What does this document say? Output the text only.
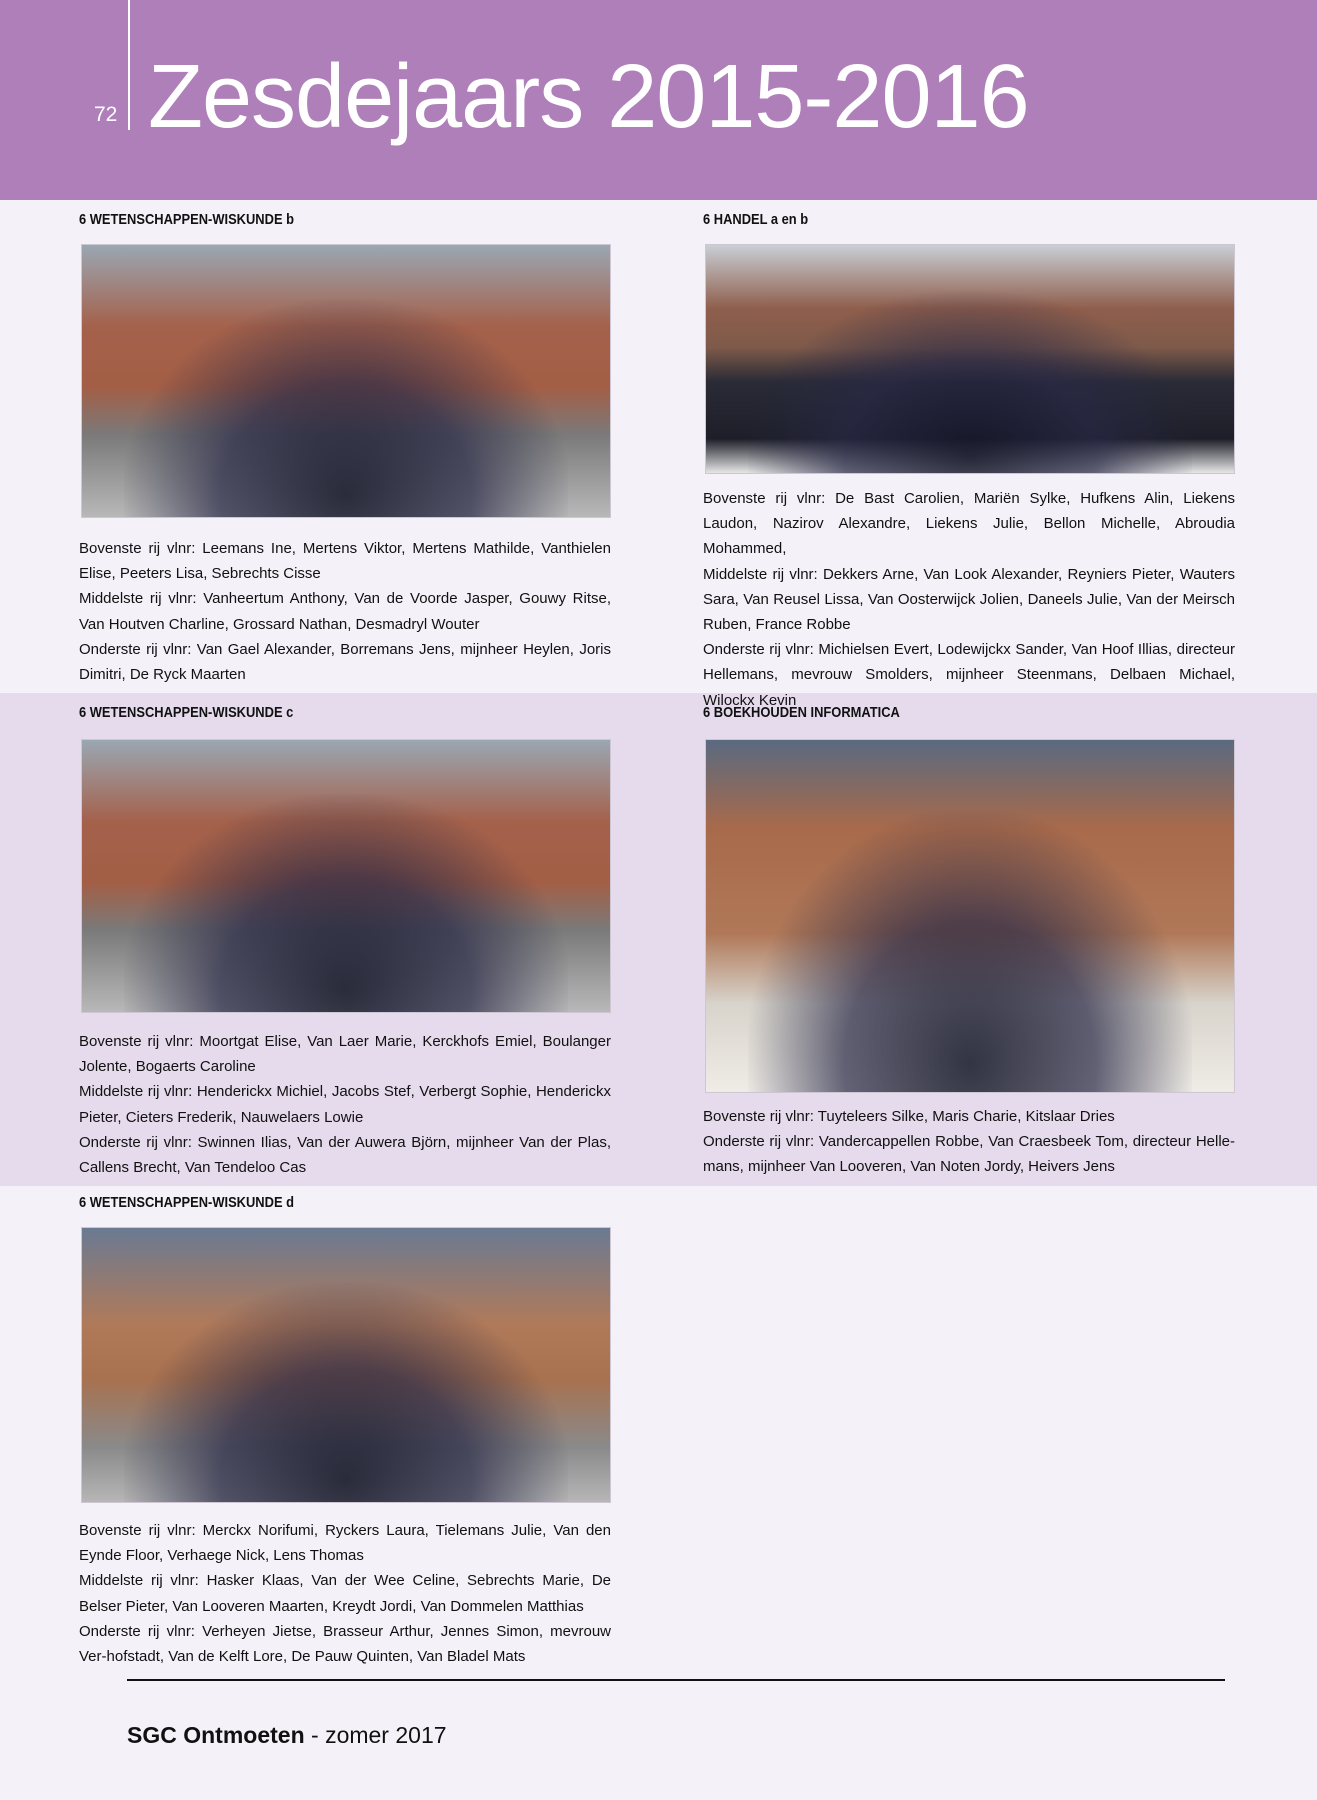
72 Zesdejaars 2015-2016
6 WETENSCHAPPEN-WISKUNDE b

Bovenste rij vlnr: Leemans Ine, Mertens Viktor, Mertens Mathilde, Vanthielen Elise, Peeters Lisa, Sebrechts Cisse

Middelste rij vlnr: Vanheertum Anthony, Van de Voorde Jasper, Gouwy Ritse, Van Houtven Charline, Grossard Nathan, Desmadryl Wouter

Onderste rij vlnr: Van Gael Alexander, Borremans Jens, mijnheer Heylen, Joris Dimitri, De Ryck Maarten

6 HANDEL a en b

Bovenste rij vlnr: De Bast Carolien, Mariën Sylke, Hufkens Alin, Liekens Laudon, Nazirov Alexandre, Liekens Julie, Bellon Michelle, Abroudia Mohammed,

Middelste rij vlnr: Dekkers Arne, Van Look Alexander, Reyniers Pieter, Wauters Sara, Van Reusel Lissa, Van Oosterwijck Jolien, Daneels Julie, Van der Meirsch Ruben, France Robbe

Onderste rij vlnr: Michielsen Evert, Lodewijckx Sander, Van Hoof Illias, directeur Hellemans, mevrouw Smolders, mijnheer Steenmans, Delbaen Michael, Wilockx Kevin

6 WETENSCHAPPEN-WISKUNDE c

Bovenste rij vlnr: Moortgat Elise, Van Laer Marie, Kerckhofs Emiel, Boulanger Jolente, Bogaerts Caroline

Middelste rij vlnr: Henderickx Michiel, Jacobs Stef, Verbergt Sophie, Henderickx Pieter, Cieters Frederik, Nauwelaers Lowie

Onderste rij vlnr: Swinnen Ilias, Van der Auwera Björn, mijnheer Van der Plas, Callens Brecht, Van Tendeloo Cas

6 BOEKHOUDEN INFORMATICA

Bovenste rij vlnr: Tuyteleers Silke, Maris Charie, Kitslaar Dries

Onderste rij vlnr: Vandercappellen Robbe, Van Craesbeek Tom, directeur Helle-mans, mijnheer Van Looveren, Van Noten Jordy, Heivers Jens

6 WETENSCHAPPEN-WISKUNDE d

Bovenste rij vlnr: Merckx Norifumi, Ryckers Laura, Tielemans Julie, Van den Eynde Floor, Verhaege Nick, Lens Thomas

Middelste rij vlnr: Hasker Klaas, Van der Wee Celine, Sebrechts Marie, De Belser Pieter, Van Looveren Maarten, Kreydt Jordi, Van Dommelen Matthias

Onderste rij vlnr: Verheyen Jietse, Brasseur Arthur, Jennes Simon, mevrouw Ver-hofstadt, Van de Kelft Lore, De Pauw Quinten, Van Bladel Mats

SGC Ontmoeten - zomer 2017
